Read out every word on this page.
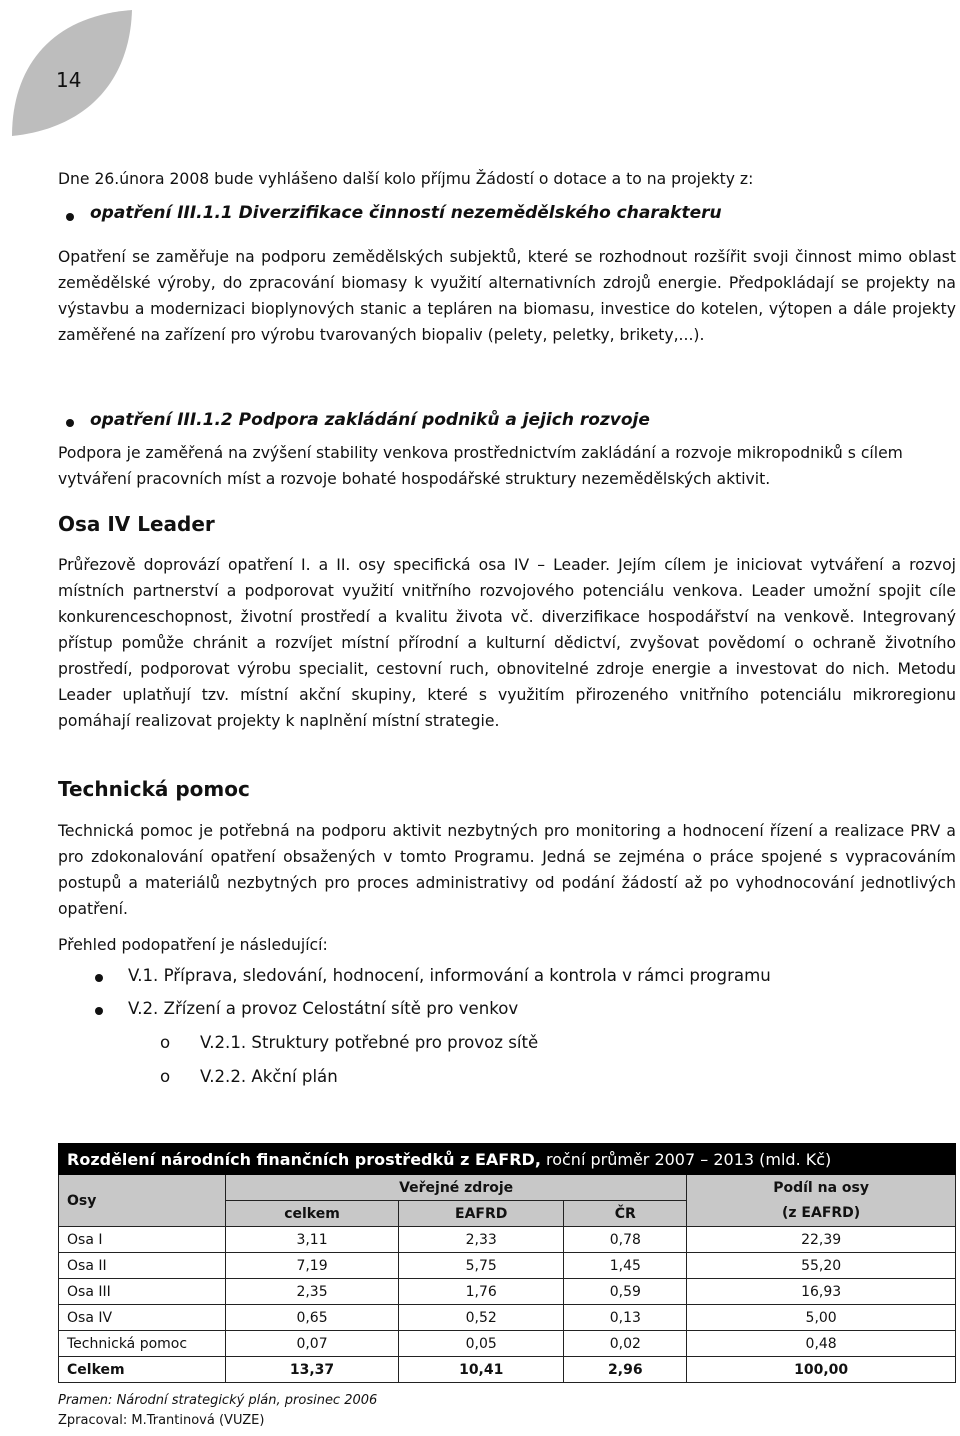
14

Dne 26.února 2008 bude vyhlášeno další kolo příjmu Žádostí o dotace a to na projekty z:

opatření III.1.1 Diverzifikace činností nezemědělského charakteru

Opatření se zaměřuje na podporu zemědělských subjektů, které se rozhodnout rozšířit svoji činnost mimo oblast zemědělské výroby, do zpracování biomasy k využití alternativních zdrojů energie. Předpokládají se projekty na výstavbu a modernizaci bioplynových stanic a tepláren na biomasu, investice do kotelen, výtopen a dále projekty zaměřené na zařízení pro výrobu tvarovaných biopaliv (pelety, peletky, brikety,...).

opatření III.1.2 Podpora zakládání podniků a jejich rozvoje

Podpora je zaměřená na zvýšení stability venkova prostřednictvím zakládání a rozvoje mikropodniků s cílem vytváření pracovních míst a rozvoje bohaté hospodářské struktury nezemědělských aktivit.

Osa IV Leader

Průřezově doprovází opatření I. a II. osy specifická osa IV – Leader. Jejím cílem je iniciovat vytváření a rozvoj místních partnerství a podporovat využití vnitřního rozvojového potenciálu venkova. Leader umožní spojit cíle konkurenceschopnost, životní prostředí a kvalitu života vč. diverzifikace hospodářství na venkově. Integrovaný přístup pomůže chránit a rozvíjet místní přírodní a kulturní dědictví, zvyšovat povědomí o ochraně životního prostředí, podporovat výrobu specialit, cestovní ruch, obnovitelné zdroje energie a investovat do nich. Metodu Leader uplatňují tzv. místní akční skupiny, které s využitím přirozeného vnitřního potenciálu mikroregionu pomáhají realizovat projekty k naplnění místní strategie.

Technická pomoc

Technická pomoc je potřebná na podporu aktivit nezbytných pro monitoring a hodnocení řízení a realizace PRV a pro zdokonalování opatření obsažených v tomto Programu. Jedná se zejména o práce spojené s vypracováním postupů a materiálů nezbytných pro proces administrativy od podání žádostí až po vyhodnocování jednotlivých opatření.

Přehled podopatření je následující:

V.1. Příprava, sledování, hodnocení, informování a kontrola v rámci programu
V.2. Zřízení a provoz Celostátní sítě pro venkov
o V.2.1. Struktury potřebné pro provoz sítě
o V.2.2. Akční plán
Rozdělení národních finančních prostředků z EAFRD, roční průměr 2007 – 2013 (mld. Kč)				
Osy	Veřejné zdroje			Podíl na osy
	celkem	EAFRD	ČR	(z EAFRD)
Osa I	3,11	2,33	0,78	22,39
Osa II	7,19	5,75	1,45	55,20
Osa III	2,35	1,76	0,59	16,93
Osa IV	0,65	0,52	0,13	5,00
Technická pomoc	0,07	0,05	0,02	0,48
Celkem	13,37	10,41	2,96	100,00
Pramen: Národní strategický plán, prosinec 2006
Zpracoval: M.Trantinová (VUZE)
